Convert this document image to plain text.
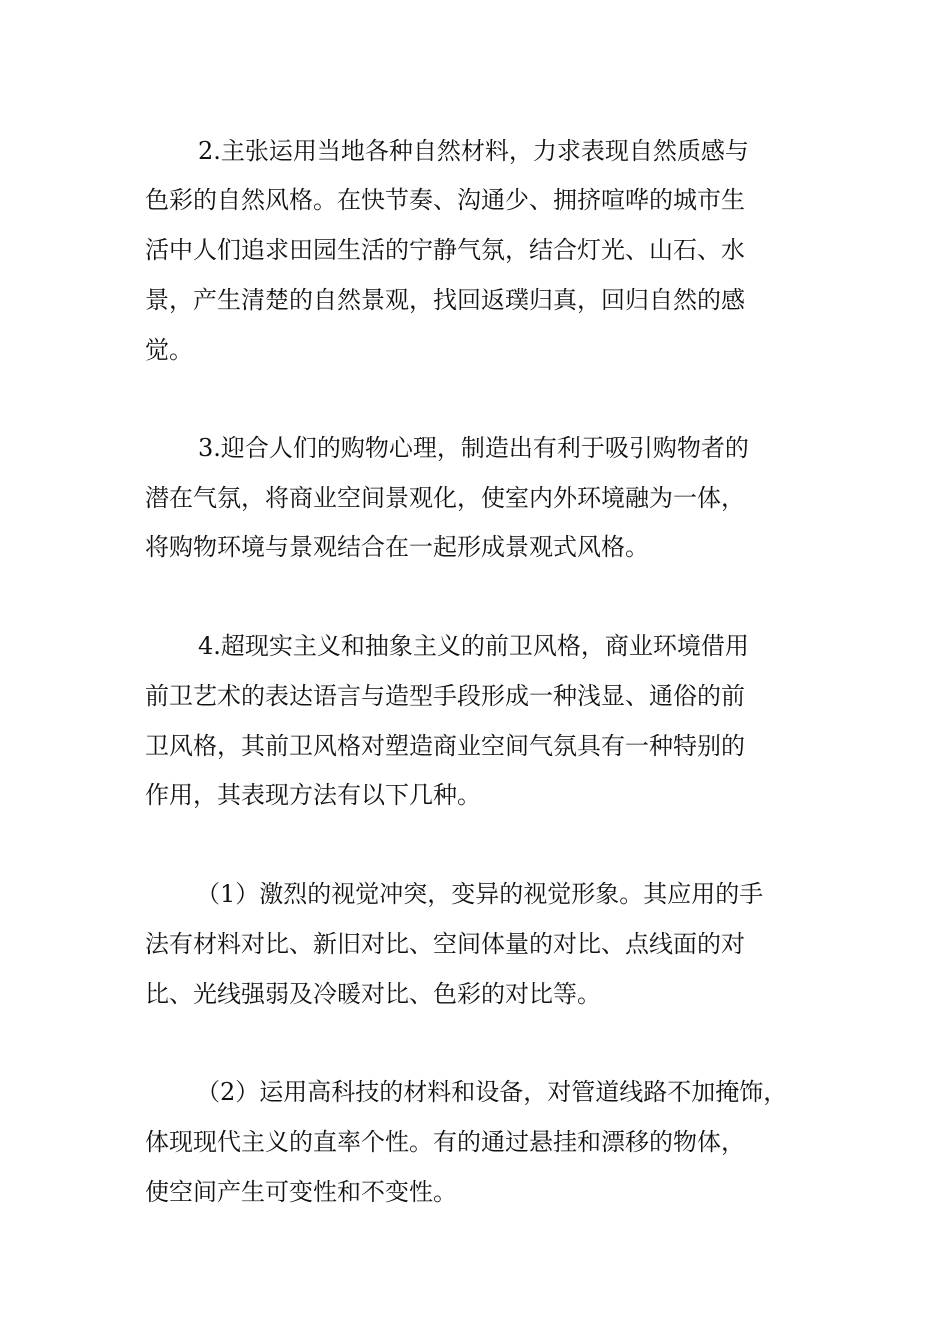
2.主张运用当地各种自然材料，力求表现自然质感与

色彩的自然风格。在快节奏、沟通少、拥挤喧哗的城市生

活中人们追求田园生活的宁静气氛，结合灯光、山石、水

景，产生清楚的自然景观，找回返璞归真，回归自然的感

觉。

3.迎合人们的购物心理，制造出有利于吸引购物者的

潜在气氛，将商业空间景观化，使室内外环境融为一体，

将购物环境与景观结合在一起形成景观式风格。

4.超现实主义和抽象主义的前卫风格，商业环境借用

前卫艺术的表达语言与造型手段形成一种浅显、通俗的前

卫风格，其前卫风格对塑造商业空间气氛具有一种特别的

作用，其表现方法有以下几种。

（1）激烈的视觉冲突，变异的视觉形象。其应用的手

法有材料对比、新旧对比、空间体量的对比、点线面的对

比、光线强弱及冷暖对比、色彩的对比等。

（2）运用高科技的材料和设备，对管道线路不加掩饰，

体现现代主义的直率个性。有的通过悬挂和漂移的物体，

使空间产生可变性和不变性。
